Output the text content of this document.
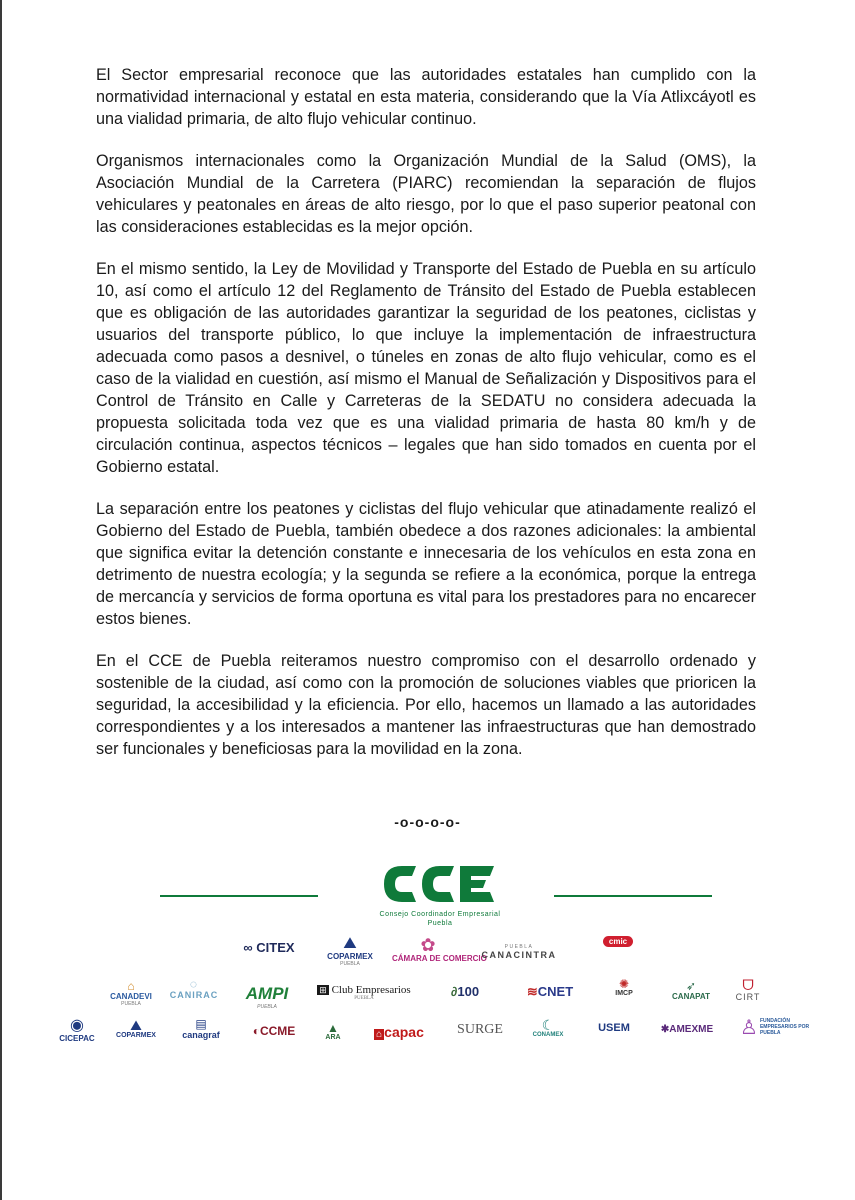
El Sector empresarial reconoce que las autoridades estatales han cumplido con la normatividad internacional y estatal en esta materia, considerando que la Vía Atlixcáyotl es una vialidad primaria, de alto flujo vehicular continuo.

Organismos internacionales como la Organización Mundial de la Salud (OMS), la Asociación Mundial de la Carretera (PIARC) recomiendan la separación de flujos vehiculares y peatonales en áreas de alto riesgo, por lo que el paso superior peatonal con las consideraciones establecidas es la mejor opción.

En el mismo sentido, la Ley de Movilidad y Transporte del Estado de Puebla en su artículo 10, así como el artículo 12 del Reglamento de Tránsito del Estado de Puebla establecen que es obligación de las autoridades garantizar la seguridad de los peatones, ciclistas y usuarios del transporte público, lo que incluye la implementación de infraestructura adecuada como pasos a desnivel, o túneles en zonas de alto flujo vehicular, como es el caso de la vialidad en cuestión, así mismo el Manual de Señalización y Dispositivos para el Control de Tránsito en Calle y Carreteras de la SEDATU no considera adecuada la propuesta solicitada toda vez que es una vialidad primaria de hasta 80 km/h y de circulación continua, aspectos técnicos – legales que han sido tomados en cuenta por el Gobierno estatal.

La separación entre los peatones y ciclistas del flujo vehicular que atinadamente realizó el Gobierno del Estado de Puebla, también obedece a dos razones adicionales: la ambiental que significa evitar la detención constante e innecesaria de los vehículos en esta zona en detrimento de nuestra ecología; y la segunda se refiere a la económica, porque la entrega de mercancía y servicios de forma oportuna es vital para los prestadores para no encarecer estos bienes.

En el CCE de Puebla reiteramos nuestro compromiso con el desarrollo ordenado y sostenible de la ciudad, así como con la promoción de soluciones viables que prioricen la seguridad, la accesibilidad y la eficiencia. Por ello, hacemos un llamado a las autoridades correspondientes y a los interesados a mantener las infraestructuras que han demostrado ser funcionales y beneficiosas para la movilidad en la zona.

-o-o-o-o-
Consejo Coordinador Empresarial
Puebla
∞ CITEX	⛰
COPARMEX
PUEBLA
✿
CÁMARA DE COMERCIO
PUEBLA
CANACINTRA
cmic
⌂
CANADEVI
PUEBLA
◌
CANIRAC	AMPI
PUEBLA
⊞ Club Empresarios
PUEBLA	∂100	≋CNET	✺
IMCP
➶
CANAPAT
ᗜ
CIRT
◉
CICEPAC
⛰
COPARMEX
▤
canagraf	◐CCME	▲
ARA	⌂ capac	SURGE	☾
CONAMEX
USEM	✱AMEXME	♙ FUNDACIÓN EMPRESARIOS POR PUEBLA
